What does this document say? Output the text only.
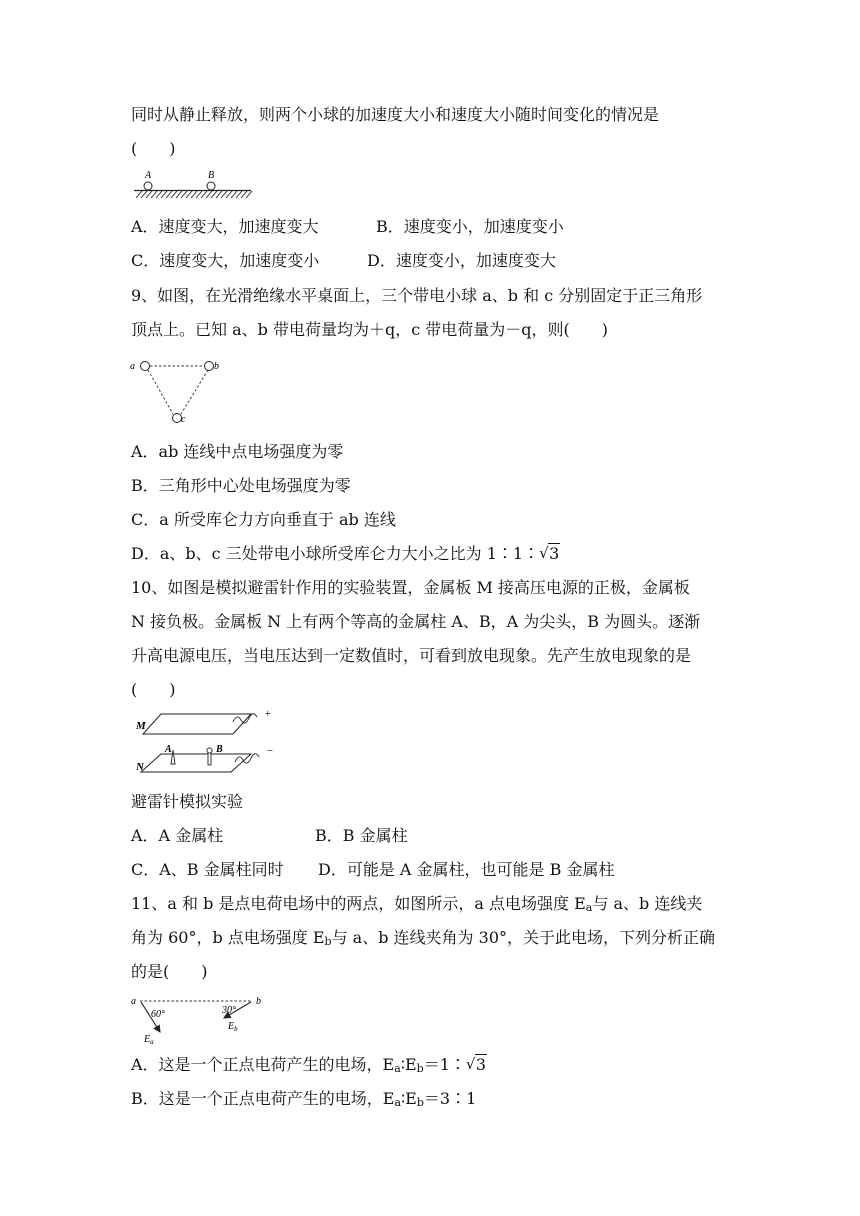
同时从静止释放，则两个小球的加速度大小和速度大小随时间变化的情况是
(　　)
A	B
A．速度变大，加速度变大	B．速度变小，加速度变小
C．速度变大，加速度变小	D．速度变小，加速度变大
9、如图，在光滑绝缘水平桌面上，三个带电小球 a、b 和 c 分别固定于正三角形
顶点上。已知 a、b 带电荷量均为＋q，c 带电荷量为－q，则(　　)
a	b
c
A．ab 连线中点电场强度为零
B．三角形中心处电场强度为零
C．a 所受库仑力方向垂直于 ab 连线
D．a、b、c 三处带电小球所受库仑力大小之比为 1∶1∶√ 3
10、如图是模拟避雷针作用的实验装置，金属板 M 接高压电源的正极，金属板
N 接负极。金属板 N 上有两个等高的金属柱 A、B，A 为尖头，B 为圆头。逐渐
升高电源电压，当电压达到一定数值时，可看到放电现象。先产生放电现象的是
(　　)
M
+
N
−
A	B
避雷针模拟实验
A．A 金属柱	B．B 金属柱
C．A、B 金属柱同时 D．可能是 A 金属柱，也可能是 B 金属柱
11、a 和 b 是点电荷电场中的两点，如图所示，a 点电场强度 $E_a$与 a、b 连线夹
角为 60°，b 点电场强度 $E_b$与 a、b 连线夹角为 30°，关于此电场，下列分析正确
的是(　　)
a	b
60°	30°
$E_a$
$E_b$
A．这是一个正点电荷产生的电场，$E_a∶E_b=1∶√$ 3
B．这是一个正点电荷产生的电场，$E_a∶E_b=3∶1$
